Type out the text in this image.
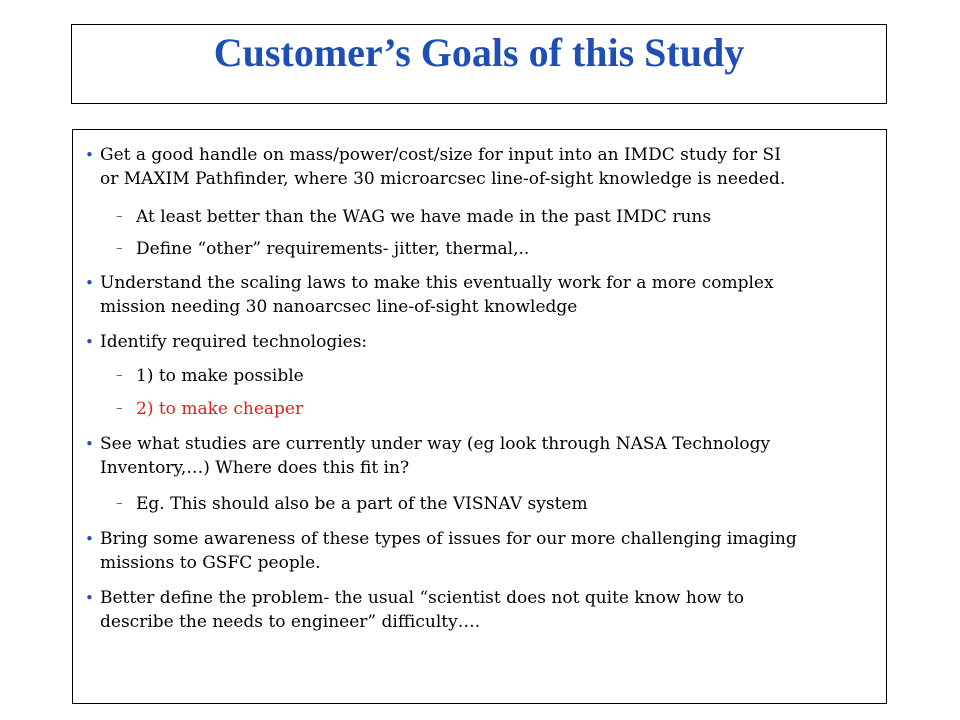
Customer’s Goals of this Study
• Get a good handle on mass/power/cost/size for input into an IMDC study for SI
or MAXIM Pathfinder, where 30 microarcsec line-of-sight knowledge is needed.
– At least better than the WAG we have made in the past IMDC runs
– Define “other” requirements- jitter, thermal,..
• Understand the scaling laws to make this eventually work for a more complex
mission needing 30 nanoarcsec line-of-sight knowledge
• Identify required technologies:
– 1) to make possible
– 2) to make cheaper
• See what studies are currently under way (eg look through NASA Technology
Inventory,…) Where does this fit in?
– Eg. This should also be a part of the VISNAV system
• Bring some awareness of these types of issues for our more challenging imaging
missions to GSFC people.
• Better define the problem- the usual “scientist does not quite know how to
describe the needs to engineer” difficulty….
